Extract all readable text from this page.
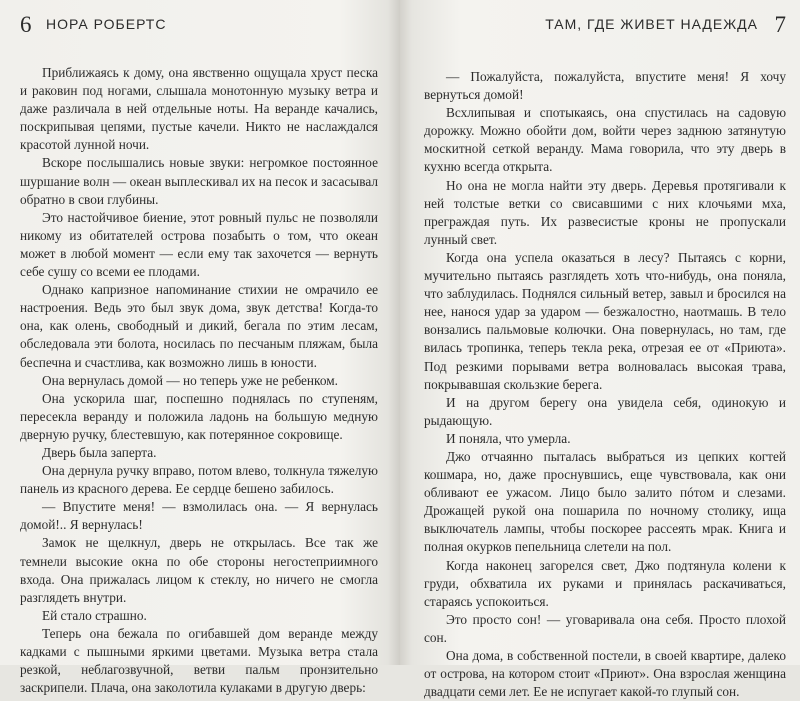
6 НОРА РОБЕРТС

Приближаясь к дому, она явственно ощущала хруст песка и раковин под ногами, слышала монотонную музыку ветра и даже различала в ней отдельные ноты. На веранде качались, поскрипывая цепями, пустые качели. Никто не наслаждался красотой лунной ночи.

Вскоре послышались новые звуки: негромкое постоянное шуршание волн — океан выплескивал их на песок и засасывал обратно в свои глубины.

Это настойчивое биение, этот ровный пульс не позволяли никому из обитателей острова позабыть о том, что океан может в любой момент — если ему так захочется — вернуть себе сушу со всеми ее плодами.

Однако капризное напоминание стихии не омрачило ее настроения. Ведь это был звук дома, звук детства! Когда-то она, как олень, свободный и дикий, бегала по этим лесам, обследовала эти болота, носилась по песчаным пляжам, была беспечна и счастлива, как возможно лишь в юности.

Она вернулась домой — но теперь уже не ребенком.

Она ускорила шаг, поспешно поднялась по ступеням, пересекла веранду и положила ладонь на большую медную дверную ручку, блестевшую, как потерянное сокровище.

Дверь была заперта.

Она дернула ручку вправо, потом влево, толкнула тяжелую панель из красного дерева. Ее сердце бешено забилось.

— Впустите меня! — взмолилась она. — Я вернулась домой!.. Я вернулась!

Замок не щелкнул, дверь не открылась. Все так же темнели высокие окна по обе стороны негостеприимного входа. Она прижалась лицом к стеклу, но ничего не смогла разглядеть внутри.

Ей стало страшно.

Теперь она бежала по огибавшей дом веранде между кадками с пышными яркими цветами. Музыка ветра стала резкой, неблагозвучной, ветви пальм пронзительно заскрипели. Плача, она заколотила кулаками в другую дверь:

ТАМ, ГДЕ ЖИВЕТ НАДЕЖДА 7

— Пожалуйста, пожалуйста, впустите меня! Я хочу вернуться домой!

Всхлипывая и спотыкаясь, она спустилась на садовую дорожку. Можно обойти дом, войти через заднюю затянутую москитной сеткой веранду. Мама говорила, что эту дверь в кухню всегда открыта.

Но она не могла найти эту дверь. Деревья протягивали к ней толстые ветки со свисавшими с них клочьями мха, преграждая путь. Их развесистые кроны не пропускали лунный свет.

Когда она успела оказаться в лесу? Пытаясь с корни, мучительно пытаясь разглядеть хоть что-нибудь, она поняла, что заблудилась. Поднялся сильный ветер, завыл и бросился на нее, нанося удар за ударом — безжалостно, наотмашь. В тело вонзались пальмовые колючки. Она повернулась, но там, где вилась тропинка, теперь текла река, отрезая ее от «Приюта». Под резкими порывами ветра волновалась высокая трава, покрывавшая скользкие берега.

И на другом берегу она увидела себя, одинокую и рыдающую.

И поняла, что умерла.

Джо отчаянно пыталась выбраться из цепких когтей кошмара, но, даже проснувшись, еще чувствовала, как они обливают ее ужасом. Лицо было залито пóтом и слезами. Дрожащей рукой она пошарила по ночному столику, ища выключатель лампы, чтобы поскорее рассеять мрак. Книга и полная окурков пепельница слетели на пол.

Когда наконец загорелся свет, Джо подтянула колени к груди, обхватила их руками и принялась раскачиваться, стараясь успокоиться.

Это просто сон! — уговаривала она себя. Просто плохой сон.

Она дома, в собственной постели, в своей квартире, далеко от острова, на котором стоит «Приют». Она взрослая женщина двадцати семи лет. Ее не испугает какой-то глупый сон.
